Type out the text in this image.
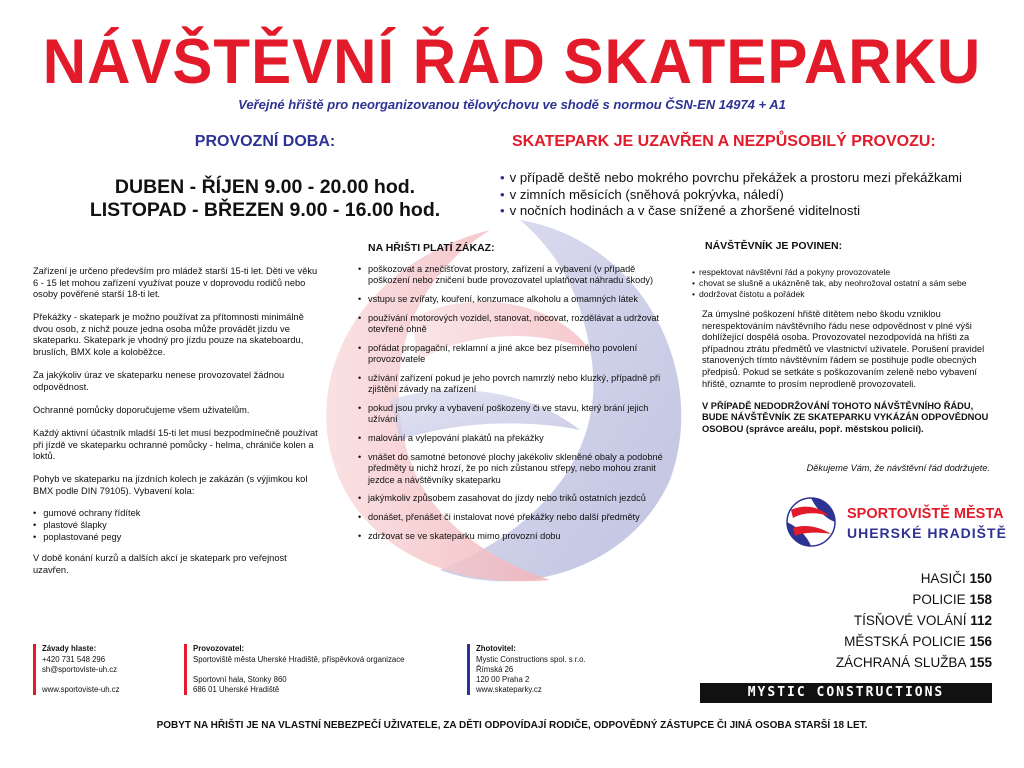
NÁVŠTĚVNÍ ŘÁD SKATEPARKU
Veřejné hřiště pro neorganizovanou tělovýchovu ve shodě s normou ČSN-EN 14974 + A1
PROVOZNÍ DOBA:
DUBEN - ŘÍJEN 9.00 - 20.00 hod.
LISTOPAD - BŘEZEN 9.00 - 16.00 hod.
SKATEPARK JE UZAVŘEN A NEZPŮSOBILÝ PROVOZU:
• v případě deště nebo mokrého povrchu překážek a prostoru mezi překážkami
• v zimních měsících (sněhová pokrývka, náledí)
• v nočních hodinách a v čase snížené a zhoršené viditelnosti

Zařízení je určeno především pro mládež starší 15-ti let. Děti ve věku 6 - 15 let mohou zařízení využívat pouze v doprovodu rodičů nebo osoby pověřené starší 18-ti let.

Překážky - skatepark je možno používat za přítomnosti minimálně dvou osob, z nichž pouze jedna osoba může provádět jízdu ve skateparku. Skatepark je vhodný pro jízdu pouze na skateboardu, bruslích, BMX kole a koloběžce.

Za jakýkoliv úraz ve skateparku nenese provozovatel žádnou odpovědnost.

Ochranné pomůcky doporučujeme všem uživatelům.

Každý aktivní účastník mladší 15-ti let musí bezpodmínečně používat při jízdě ve skateparku ochranné pomůcky - helma, chrániče kolen a loktů.

Pohyb ve skateparku na jízdních kolech je zakázán (s výjimkou kol BMX podle DIN 79105). Vybavení kola:

• gumové ochrany řídítek
• plastové šlapky
• poplastované pegy

V době konání kurzů a dalších akcí je skatepark pro veřejnost uzavřen.

NA HŘIŠTI PLATÍ ZÁKAZ:
• poškozovat a znečišťovat prostory, zařízení a vybavení (v případě poškození nebo zničení bude provozovatel uplatňovat náhradu škody)
• vstupu se zvířaty, kouření, konzumace alkoholu a omamných látek
• používání motorových vozidel, stanovat, nocovat, rozdělávat a udržovat otevřené ohně
• pořádat propagační, reklamní a jiné akce bez písemného povolení provozovatele
• užívání zařízení pokud je jeho povrch namrzlý nebo kluzký, případně při zjištění závady na zařízení
• pokud jsou prvky a vybavení poškozeny či ve stavu, který brání jejich užívání
• malování a vylepování plakátů na překážky
• vnášet do samotné betonové plochy jakékoliv skleněné obaly a podobné předměty u nichž hrozí, že po nich zůstanou střepy, nebo mohou zranit jezdce a návštěvníky skateparku
• jakýmkoliv způsobem zasahovat do jízdy nebo triků ostatních jezdců
• donášet, přenášet či instalovat nové překážky nebo další předměty
• zdržovat se ve skateparku mimo provozní dobu
NÁVŠTĚVNÍK JE POVINEN:
• respektovat návštěvní řád a pokyny provozovatele
• chovat se slušně a ukázněně tak, aby neohrožoval ostatní a sám sebe
• dodržovat čistotu a pořádek
Za úmyslné poškození hřiště dítětem nebo škodu vzniklou nerespektováním návštěvního řádu nese odpovědnost v plné výši dohlížející dospělá osoba. Provozovatel nezodpovídá na hřišti za případnou ztrátu předmětů ve vlastnictví uživatele. Porušení pravidel stanovených tímto návštěvním řádem se postihuje podle obecných předpisů. Pokud se setkáte s poškozovaním zeleně nebo vybavení hřiště, oznamte to prosím neprodleně provozovateli.
V PŘÍPADĚ NEDODRŽOVÁNÍ TOHOTO NÁVŠTĚVNÍHO ŘÁDU, BUDE NÁVŠTĚVNÍK ZE SKATEPARKU VYKÁZÁN ODPOVĚDNOU OSOBOU (správce areálu, popř. městskou policií).
Děkujeme Vám, že návštěvní řád dodržujete.
SPORTOVIŠTĚ MĚSTA
UHERSKÉ HRADIŠTĚ
HASIČI 150
POLICIE 158
TÍSŇOVÉ VOLÁNÍ 112
MĚSTSKÁ POLICIE 156
ZÁCHRANÁ SLUŽBA 155
Závady hlaste:
+420 731 548 296
sh@sportoviste-uh.cz
www.sportoviste-uh.cz
Provozovatel:
Sportoviště města Uherské Hradiště, příspěvková organizace
Sportovní hala, Stonky 860
686 01 Uherské Hradiště
Zhotovitel:
Mystic Constructions spol. s r.o.
Římská 26
120 00 Praha 2
www.skateparky.cz	MYSTIC CONSTRUCTIONS
POBYT NA HŘIŠTI JE NA VLASTNÍ NEBEZPEČÍ UŽIVATELE, ZA DĚTI ODPOVÍDAJÍ RODIČE, ODPOVĚDNÝ ZÁSTUPCE ČI JINÁ OSOBA STARŠÍ 18 LET.
